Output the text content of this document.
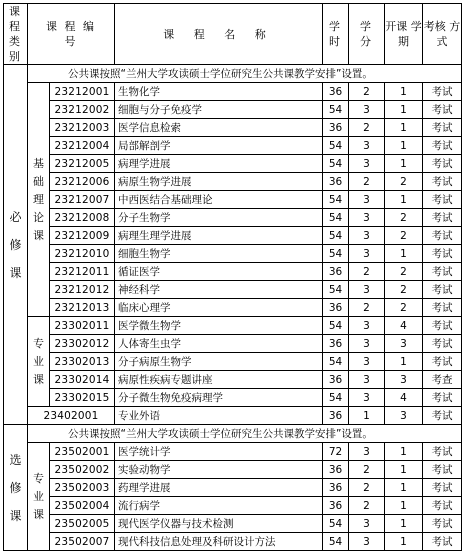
课 程 类 别	课 程 编 号		课 程 名 称	学 时	学 分	开课 学期	考核 方式
必 修 课	公共课按照“兰州大学攻读硕士学位研究生公共课教学安排”设置。						
	基础理论课	23212001	生物化学	36	2	1	考试
		23212002	细胞与分子免疫学	54	3	1	考试
		23212003	医学信息检索	36	2	1	考试
		23212004	局部解剖学	54	3	1	考试
		23212005	病理学进展	54	3	1	考试
		23212006	病原生物学进展	36	2	2	考试
		23212007	中西医结合基础理论	54	3	1	考试
		23212008	分子生物学	54	3	2	考试
		23212009	病理生理学进展	54	3	2	考试
		23212010	细胞生物学	54	3	1	考试
		23212011	循证医学	36	2	2	考试
		23212012	神经科学	54	3	2	考试
		23212013	临床心理学	36	2	2	考试
	专业课	23302011	医学微生物学	54	3	4	考试
		23302012	人体寄生虫学	36	3	3	考试
		23302013	分子病原生物学	54	3	1	考试
		23302014	病原性疾病专题讲座	36	3	3	考查
		23302015	分子微生物免疫病理学	54	3	4	考试
	23402001		专业外语	36	1	3	考试
选 修 课	公共课按照“兰州大学攻读硕士学位研究生公共课教学安排”设置。						
	专业课	23502001	医学统计学	72	3	1	考试
		23502002	实验动物学	36	2	1	考试
		23502003	药理学进展	36	2	1	考试
		23502004	流行病学	36	2	1	考试
		23502005	现代医学仪器与技术检测	54	3	1	考试
		23502007	现代科技信息处理及科研设计方法	54	3	1	考试
